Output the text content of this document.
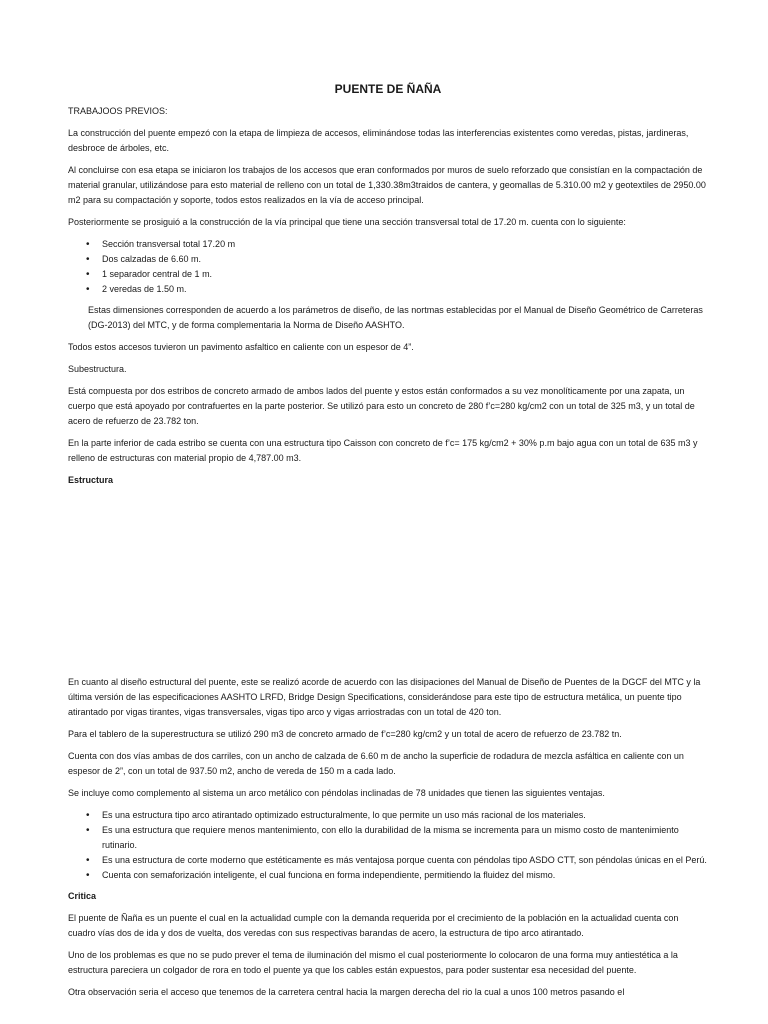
PUENTE DE ÑAÑA
TRABAJOOS PREVIOS:
La construcción del puente empezó con la etapa de limpieza de accesos, eliminándose todas las interferencias existentes como veredas, pistas, jardineras, desbroce de árboles, etc.
Al concluirse con esa etapa se iniciaron los trabajos de los accesos que eran conformados por muros de suelo reforzado que consistían en la compactación de material granular, utilizándose para esto material de relleno con un total de 1,330.38m3traidos de cantera, y geomallas de 5.310.00 m2 y geotextiles de 2950.00 m2 para su compactación y soporte, todos estos realizados en la vía de acceso principal.
Posteriormente se prosiguió a la construcción de la vía principal que tiene una sección transversal total de 17.20 m. cuenta con lo siguiente:
• Sección transversal total 17.20 m
• Dos calzadas de 6.60 m.
• 1 separador central de 1 m.
• 2 veredas de 1.50 m.
Estas dimensiones corresponden de acuerdo a los parámetros de diseño, de las nortmas establecidas por el Manual de Diseño Geométrico de Carreteras (DG-2013) del MTC, y de forma complementaria la Norma de Diseño AASHTO.
Todos estos accesos tuvieron un pavimento asfaltico en caliente con un espesor de 4”.
Subestructura.
Está compuesta por dos estribos de concreto armado de ambos lados del puente y estos están conformados a su vez monolíticamente por una zapata, un cuerpo que está apoyado por contrafuertes en la parte posterior. Se utilizó para esto un concreto de 280 f’c=280 kg/cm2 con un total de 325 m3, y un total de acero de refuerzo de 23.782 ton.
En la parte inferior de cada estribo se cuenta con una estructura tipo Caisson con concreto de f’c= 175 kg/cm2 + 30% p.m bajo agua con un total de 635 m3 y relleno de estructuras con material propio de 4,787.00 m3.
Estructura
En cuanto al diseño estructural del puente, este se realizó acorde de acuerdo con las disipaciones del Manual de Diseño de Puentes de la DGCF del MTC y la última versión de las especificaciones AASHTO LRFD, Bridge Design Specifications, considerándose para este tipo de estructura metálica, un puente tipo atirantado por vigas tirantes, vigas transversales, vigas tipo arco y vigas arriostradas con un total de 420 ton.
Para el tablero de la superestructura se utilizó 290 m3 de concreto armado de f’c=280 kg/cm2 y un total de acero de refuerzo de 23.782 tn.
Cuenta con dos vías ambas de dos carriles, con un ancho de calzada de 6.60 m de ancho la superficie de rodadura de mezcla asfáltica en caliente con un espesor de 2”, con un total de 937.50 m2, ancho de vereda de 150 m a cada lado.
Se incluye como complemento al sistema un arco metálico con péndolas inclinadas de 78 unidades que tienen las siguientes ventajas.
• Es una estructura tipo arco atirantado optimizado estructuralmente, lo que permite un uso más racional de los materiales.
• Es una estructura que requiere menos mantenimiento, con ello la durabilidad de la misma se incrementa para un mismo costo de mantenimiento rutinario.
• Es una estructura de corte moderno que estéticamente es más ventajosa porque cuenta con péndolas tipo ASDO CTT, son péndolas únicas en el Perú.
• Cuenta con semaforización inteligente, el cual funciona en forma independiente, permitiendo la fluidez del mismo.
Critica
El puente de Ñaña es un puente el cual en la actualidad cumple con la demanda requerida por el crecimiento de la población en la actualidad cuenta con cuadro vías dos de ida y dos de vuelta, dos veredas con sus respectivas barandas de acero, la estructura de tipo arco atirantado.
Uno de los problemas es que no se pudo prever el tema de iluminación del mismo el cual posteriormente lo colocaron de una forma muy antiestética a la estructura pareciera un colgador de rora en todo el puente ya que los cables están expuestos, para poder sustentar esa necesidad del puente.
Otra observación seria el acceso que tenemos de la carretera central hacia la margen derecha del rio la cual a unos 100 metros pasando el
